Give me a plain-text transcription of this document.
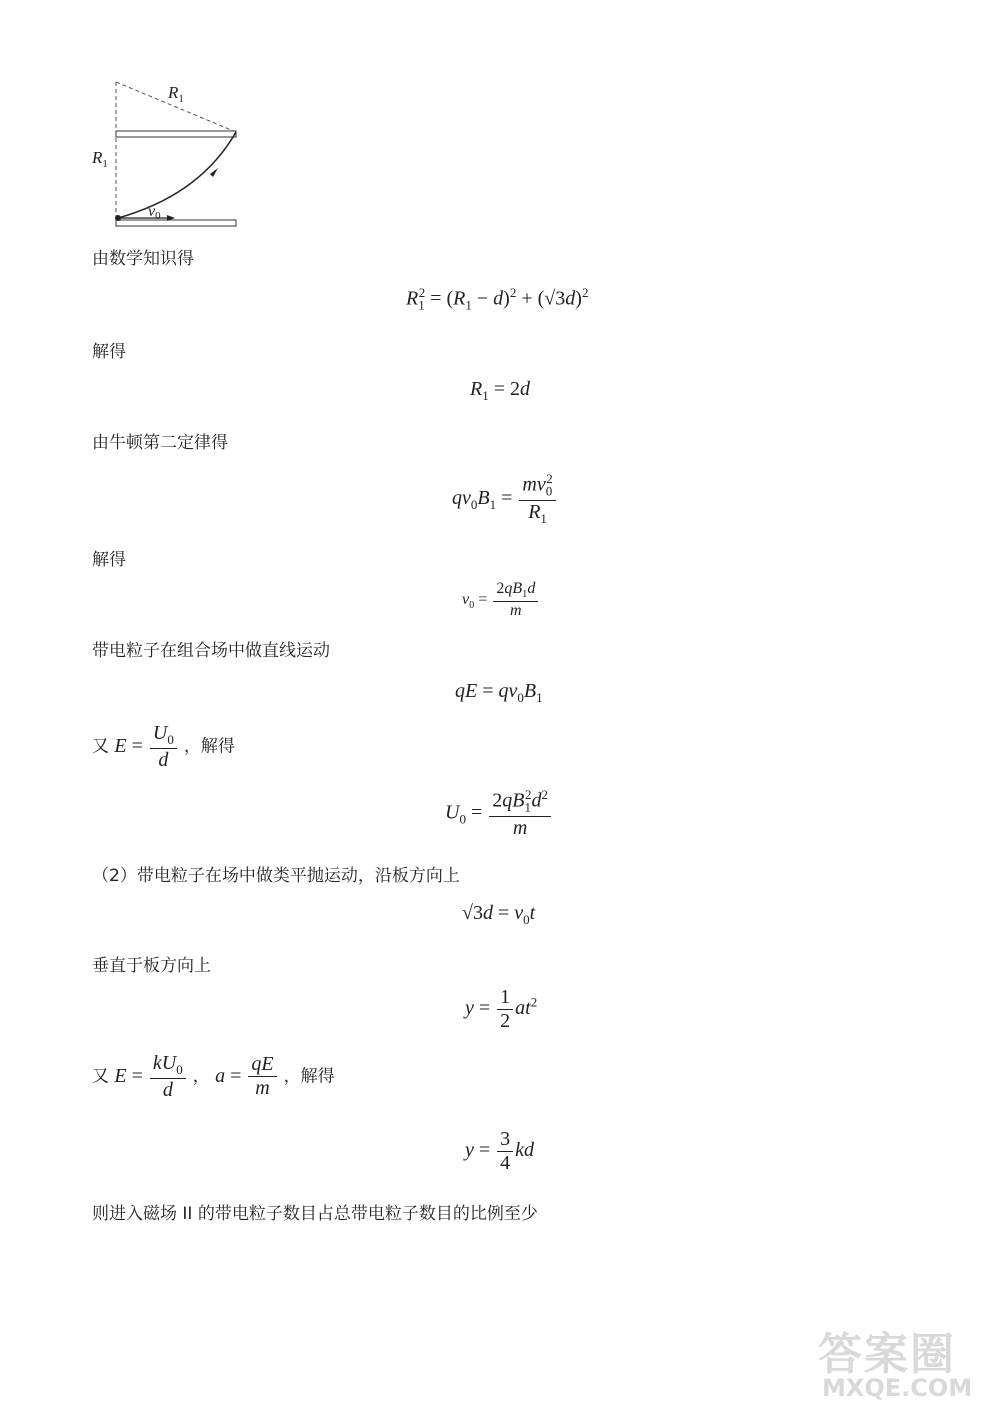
$R_1$
$R_1$
v0
由数学知识得
$R_1^2 = (R_1 - d)^2 + (√3d)^2$
解得
$R_1 = 2d$
由牛顿第二定律得
$qv_0B_1 = \frac{mv_0^2}{R_1}$
解得
$v_0 = \frac{2qB_1d}{m}$
带电粒子在组合场中做直线运动
qE = $qv_0B_1$
又 $E = \frac{U_0}{d}$ ，解得
$U_0 = \frac{2qB_1^2d^2}{m}$
（2）带电粒子在场中做类平抛运动，沿板方向上
$√3d = v_0t$
垂直于板方向上
$y = \frac{1}{2} at^2$
又 $E = \frac{kU_0}{d}$ ， $a = \frac{qE}{m}$ ，解得
$y = \frac{3}{4}$ kd
则进入磁场 II 的带电粒子数目占总带电粒子数目的比例至少
答案圈
MXQE.COM
